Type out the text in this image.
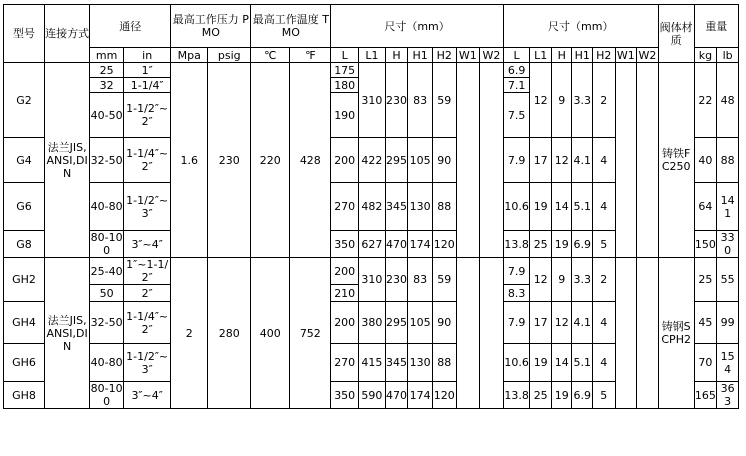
型号	连接方式	通径		最高工作压力 PMO		最高工作温度 TMO		尺寸（mm）							尺寸（mm）							阀体材质	重量	
		mm	in	Mpa	psig	℃	℉	L	L1	H	H1	H2	W1	W2	L	L1	H	H1	H2	W1	W2		kg	lb
G2	法兰JIS,ANSI,DIN	25	1″	1.6	230	220	428	175	310	230	83	59			6.9	12	9	3.3	2			铸铁FC250	22	48
		32	1-1/4″					180							7.1									
		40-50	1-1/2″~2″					190							7.5									
G4		32-50	1-1/4″~2″					200	422	295	105	90			7.9	17	12	4.1	4				40	88
G6		40-80	1-1/2″~3″					270	482	345	130	88			10.6	19	14	5.1	4				64	141
G8		80-100	3″~4″					350	627	470	174	120			13.8	25	19	6.9	5				150	330
GH2	法兰JIS,ANSI,DIN	25-40	1″~1-1/2″	2	280	400	752	200	310	230	83	59			7.9	12	9	3.3	2			铸钢SCPH2	25	55
		50	2″					210							8.3									
GH4		32-50	1-1/4″~2″					200	380	295	105	90			7.9	17	12	4.1	4				45	99
GH6		40-80	1-1/2″~3″					270	415	345	130	88			10.6	19	14	5.1	4				70	154
GH8		80-100	3″~4″					350	590	470	174	120			13.8	25	19	6.9	5				165	363
